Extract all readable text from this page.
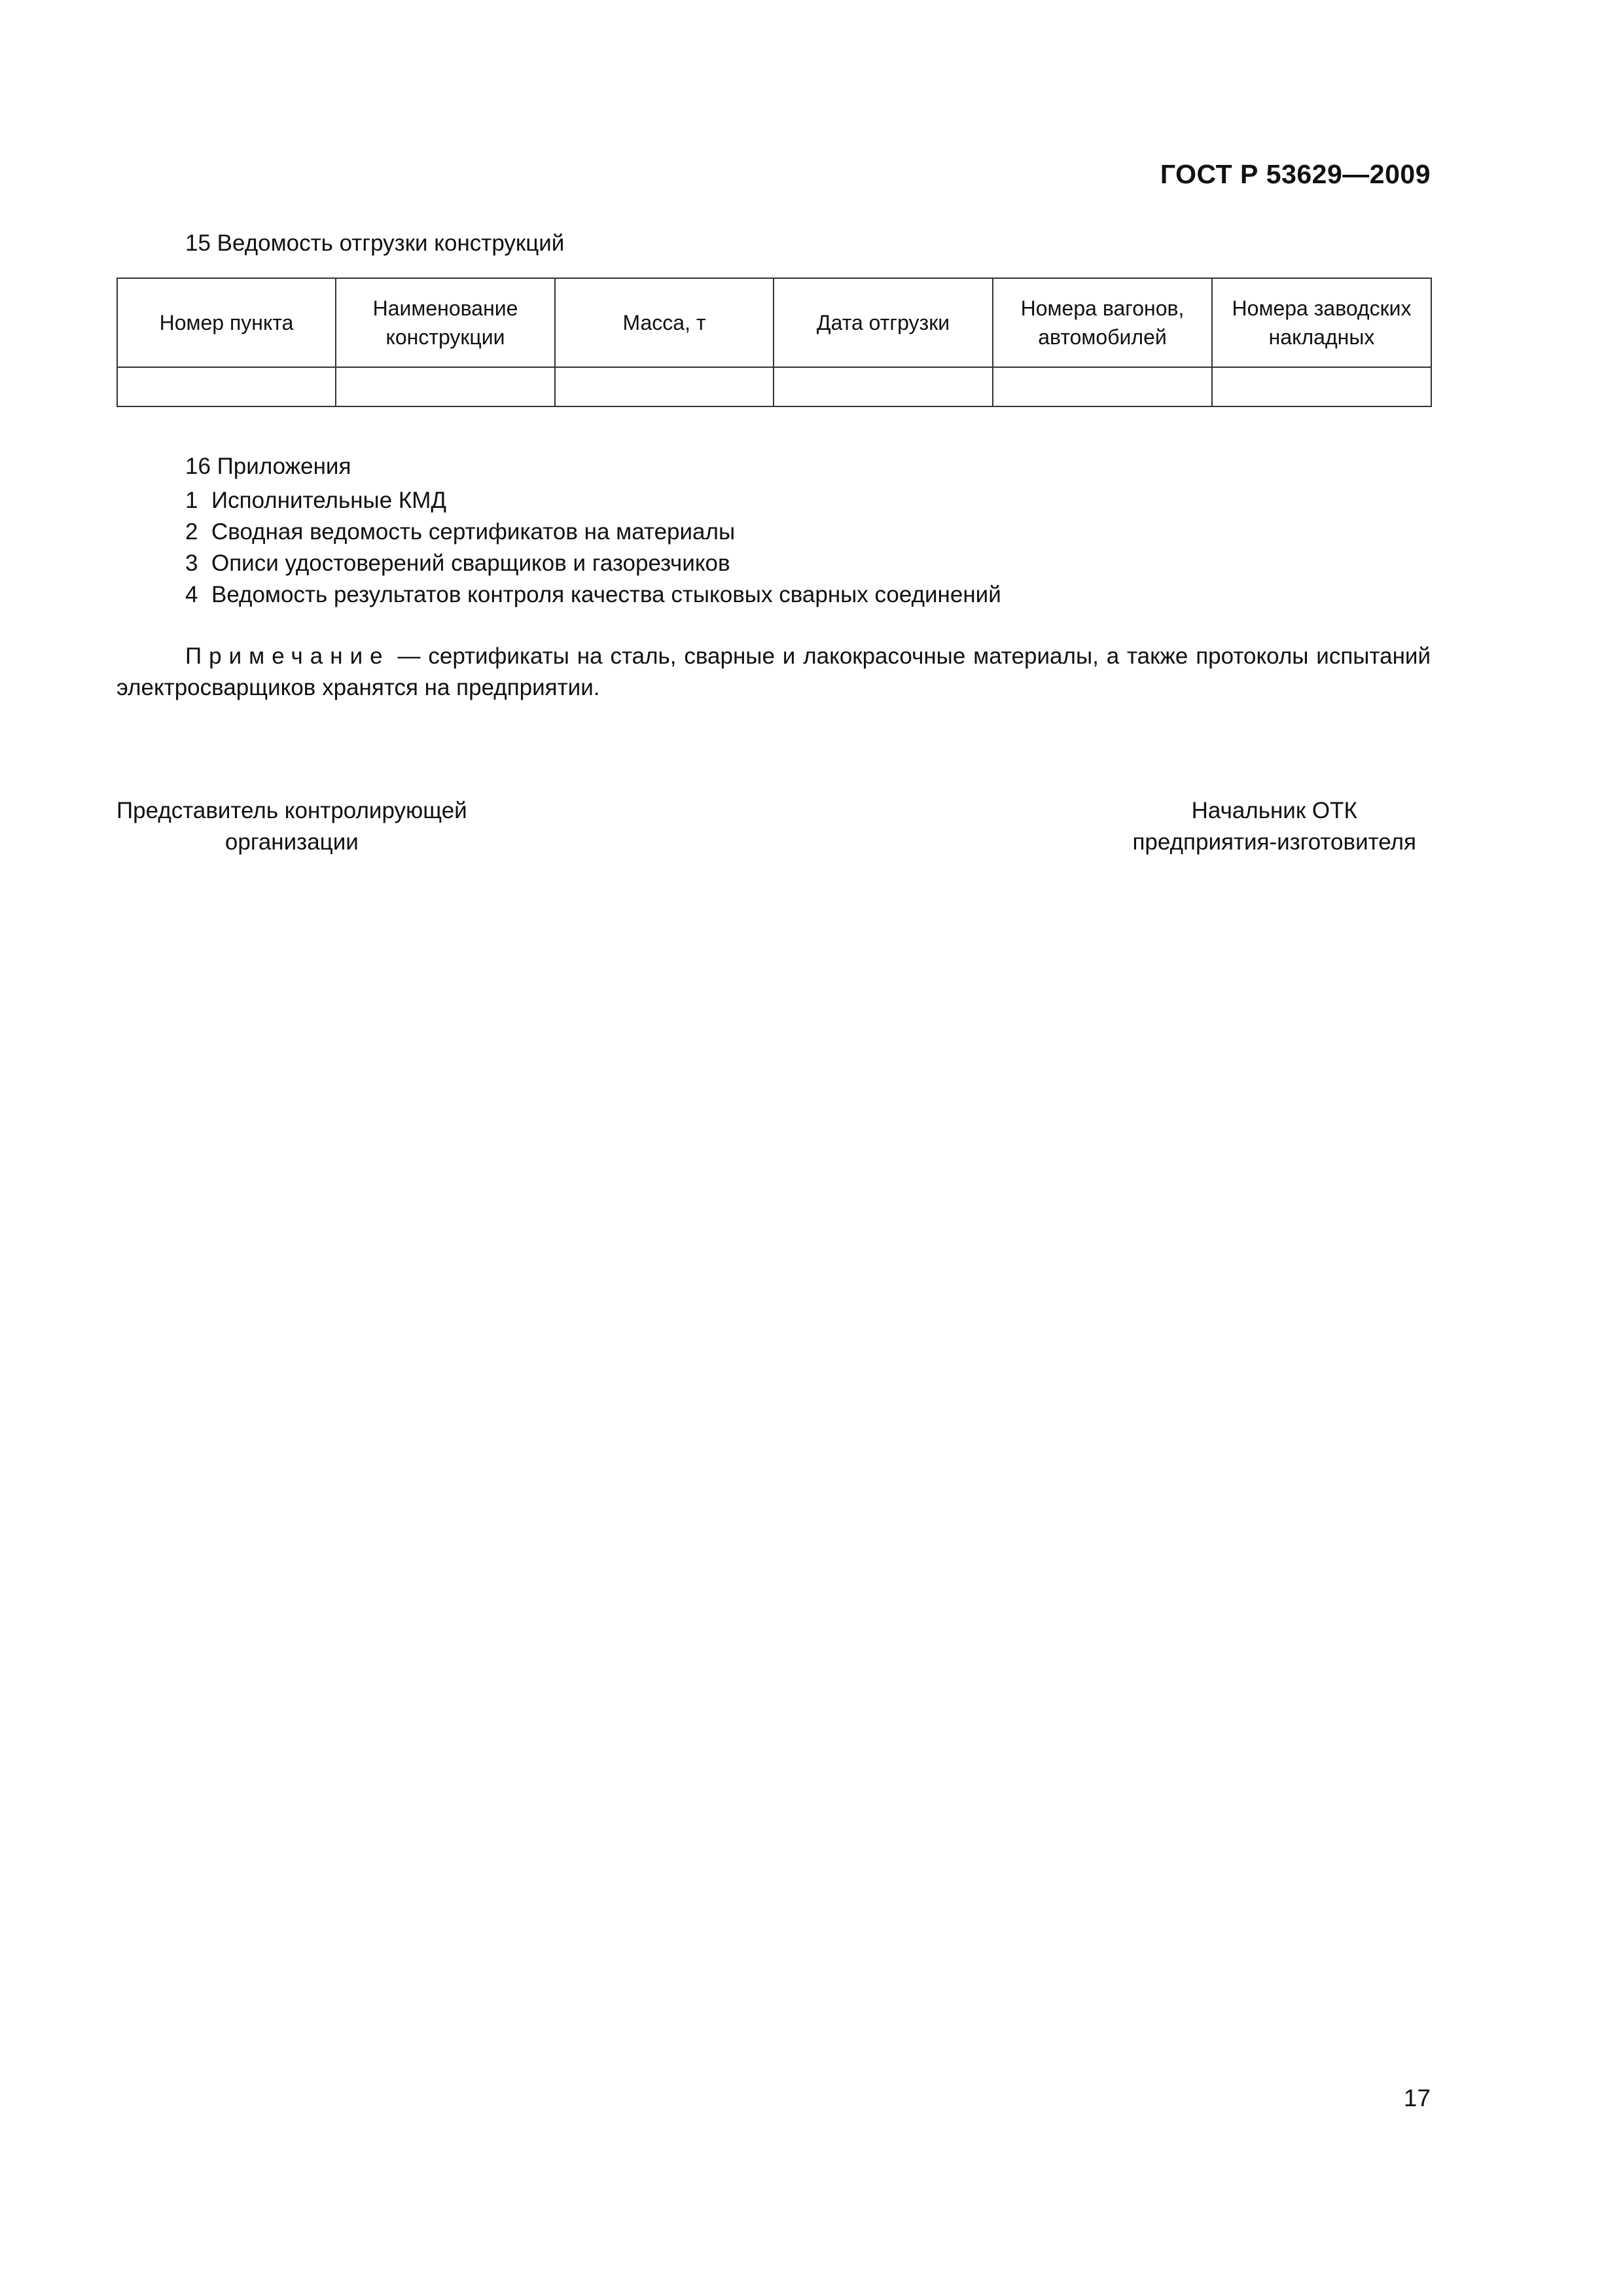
ГОСТ Р 53629—2009
15 Ведомость отгрузки конструкций
Номер пункта	Наименование конструкции	Масса, т	Дата отгрузки	Номера вагонов, автомобилей	Номера заводских накладных

16 Приложения
1 Исполнительные КМД
2 Сводная ведомость сертификатов на материалы
3 Описи удостоверений сварщиков и газорезчиков
4 Ведомость результатов контроля качества стыковых сварных соединений

Примечание — сертификаты на сталь, сварные и лакокрасочные материалы, а также протоколы испытаний электросварщиков хранятся на предприятии.

Представитель контролирующей
организации
Начальник ОТК
предприятия-изготовителя
17
